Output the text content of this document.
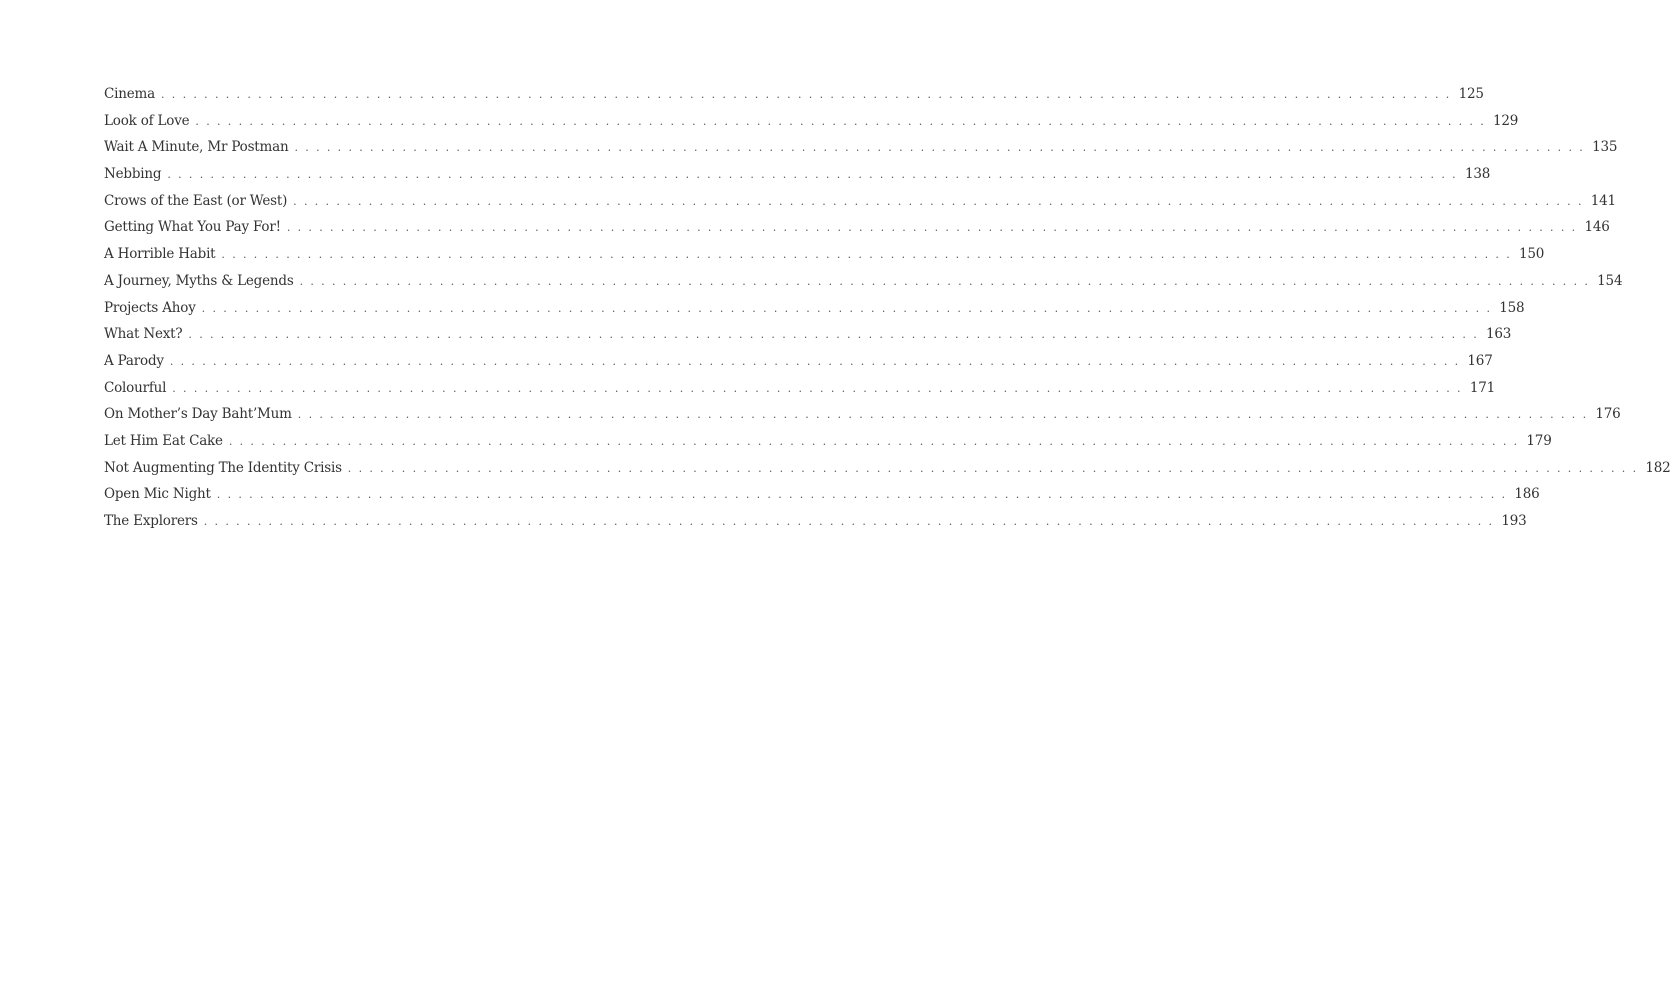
Cinema ........................................................................................................................ 125
Look of Love ........................................................................................................................ 129
Wait A Minute, Mr Postman ........................................................................................................................ 135
Nebbing ........................................................................................................................ 138
Crows of the East (or West) ........................................................................................................................ 141
Getting What You Pay For! ........................................................................................................................ 146
A Horrible Habit ........................................................................................................................ 150
A Journey, Myths & Legends ........................................................................................................................ 154
Projects Ahoy ........................................................................................................................ 158
What Next? ........................................................................................................................ 163
A Parody ........................................................................................................................ 167
Colourful ........................................................................................................................ 171
On Mother’s Day Baht’Mum ........................................................................................................................ 176
Let Him Eat Cake ........................................................................................................................ 179
Not Augmenting The Identity Crisis ........................................................................................................................ 182
Open Mic Night ........................................................................................................................ 186
The Explorers ........................................................................................................................ 193
